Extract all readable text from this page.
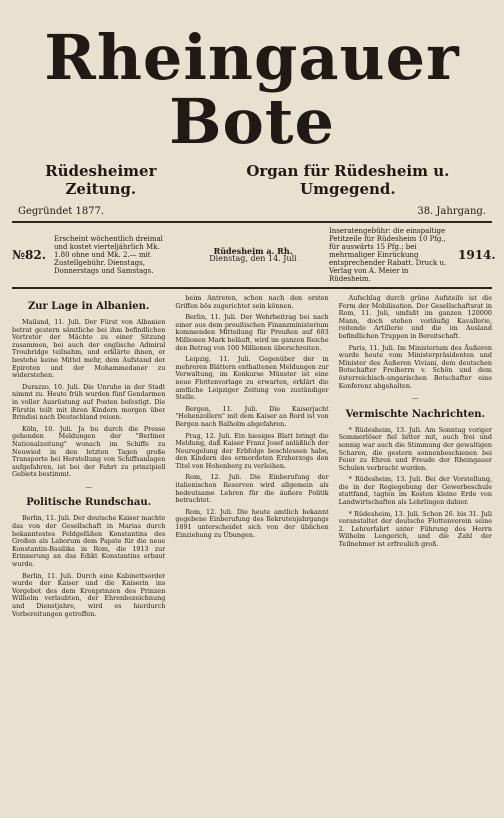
Rheingauer Bote
Rüdesheimer Zeitung.
Organ für Rüdesheim u. Umgegend.
Gegründet 1877.	38. Jahrgang.
№82.
Erscheint wöchentlich dreimal und kostet vierteljährlich Mk. 1.80 ohne und Mk. 2.— mit Zustellgebühr. Dienstags, Donnerstags und Samstags.
Rüdesheim a. Rh.
Dienstag, den 14. Juli
Inseratengebühr: die einspaltige Petitzeile für Rüdesheim 10 Pfg., für auswärts 15 Pfg.; bei mehrmaliger Einrückung entsprechender Rabatt. Druck u. Verlag von A. Meier in Rüdesheim.
1914.
Zur Lage in Albanien.

Mailand, 11. Juli. Der Fürst von Albanien betrat gestern sämtliche bei ihm befindlichen Vertreter der Mächte zu einer Sitzung zusammen, bei auch der englische Admiral Troubridge teilnahm, und erklärte ihnen, er bestehe keine Mittel mehr, dem Aufstand der Epiroten und der Mohammedaner zu widerstehen.

Durazzo, 10. Juli. Die Unruhe in der Stadt nimmt zu. Heute früh wurden fünf Gendarmen in voller Ausrüstung auf Posten befestigt. Die Fürstin teilt mit ihren Kindern morgen über Brindisi nach Deutschland reisen.

Köln, 10. Juli. Ja bu durch die Presse gehenden Meldungen der "Berliner Nationalzeitung" wonach im Schiffe zu Neuwied in den letzten Tagen große Transporte bei Herstellung von Schiffsanlagen aufgefahren, ist bei der Fahrt zu prinzipiell Gebiets bestimmt.

—
Politische Rundschau.

Berlin, 11. Juli. Der deutsche Kaiser machte das von der Gesellschaft in Marias durch bekanntestes Feldgefäßen Konstantins des Großen als Laborum dem Papste für die neue Konstantin-Basilika in Rom, die 1913 zur Erinnerung an das Edikt Konstantins erbaut wurde.

Berlin, 11. Juli. Durch eine Kabinettsorder wurde der Kaiser und die Kaiserin ins Vorgebot des dem Kronprinzen des Prinzen Wilhelm verlaubten, der Ehrenbezeichnung und Dienstjahre, wird es hierdurch Vorbereitungen getroffen.

beim Antreten, schon nach den ersten Griffen bös zugerichtet sein können.

Berlin, 11. Juli. Der Wehrbeitrag bei nach einer aus dem preußischen Finanzministerium kommenden Mitteilung für Preußen auf 603 Millionen Mark beläuft, wird im ganzen Reiche den Betrag von 100 Millionen überschreiten.

Leipzig, 11. Juli. Gegenüber der in mehreren Blättern enthaltenen Meldungen zur Verwaltung, im Konkurse Münster ist eine neue Flottenvorlage zu erwarten, erklärt die amtliche Leipziger Zeitung von zuständiger Stelle.

Bergen, 11. Juli. Die Kaiserjacht "Hohenzollern" mit dem Kaiser an Bord ist von Bergen nach Balholm abgefahren.

Prag, 12. Juli. Ein hiesiges Blatt bringt die Meldung, daß Kaiser Franz Josef anläßlich der Neuregelung der Erbfolge beschlossen habe, den Kindern des ermordeten Erzherzogs den Titel von Hohenberg zu verleihen.

Rom, 12. Juli. Die Einberufung der italienischen Reserven wird allgemein als bedeutsame Lehren für die äußere Politik betrachtet.

Rom, 12. Juli. Die heute amtlich bekannt gegebene Einberufung des Rekrutenjahrgangs 1891 unterscheidet sich von der üblichen Einziehung zu Übungen.

Aufschlag durch grüne Aufsteife ist die Form der Mobilisation. Der Gesellschaftsrat in Rom, 11. Juli, umfaßt im ganzen 120000 Mann, doch stehen vorläufig Kavallerie, reitende Artillerie und die im Ausland befindlichen Truppen in Bereitschaft.

Paris, 11. Juli. Im Ministerium des Äußeren wurde heute vom Ministerpräsidenten und Minister des Äußeren Viviani, dem deutschen Botschafter Freiherrn v. Schön und dem österreichisch-ungarischen Botschafter eine Konferenz abgehalten.

—
Vermischte Nachrichten.

* Rüdesheim, 13. Juli. Am Sonntag voriger Sommerlöser fiel bitter mit, auch frei und sonnig war auch die Stimmung der gewaltigen Scharen, die gestern sonnenbeschienen bei Feier zu Ehren und Freude der Rheingauer Schulen verbracht wurden.

* Rüdesheim, 13. Juli. Bei der Vorstellung, die in der Regiegebung der Gewerbeschule stattfand, tagten im Kosten kleine Erde von Landwirtschaften als Lehrlingen dahier.

* Rüdesheim, 13. Juli. Schon 26. bis 31. Juli veranstaltet der deutsche Flottenverein seine 2. Lehrerfahrt unter Führung des Herrn Wilhelm Lengerich, und die Zahl der Teilnehmer ist erfreulich groß.
